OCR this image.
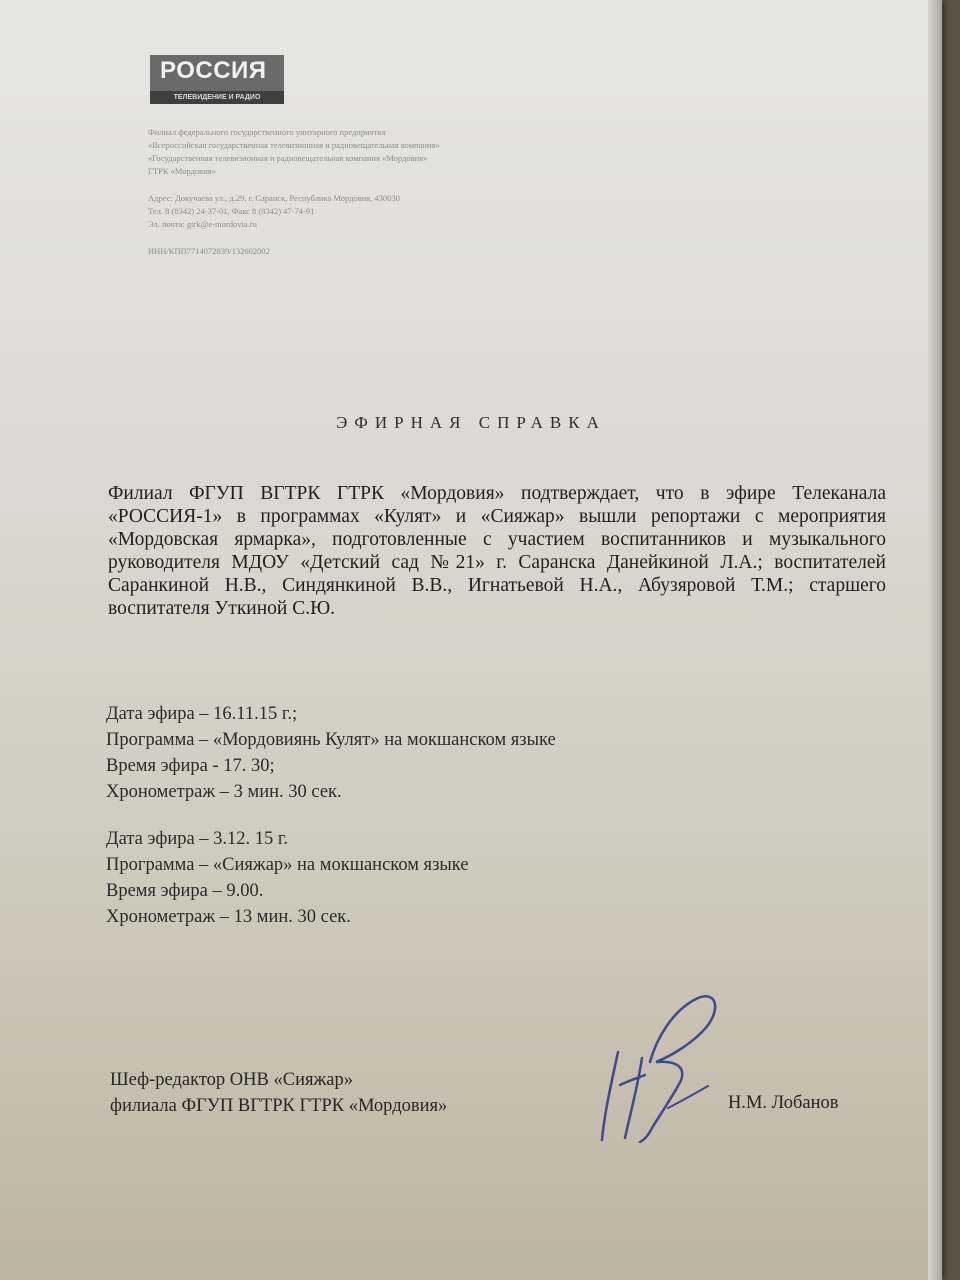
РОССИЯ
ТЕЛЕВИДЕНИЕ И РАДИО
Филиал федерального государственного унитарного предприятия
«Всероссийская государственная телевизионная и радиовещательная компания»
«Государственная телевизионная и радиовещательная компания «Мордовия»
ГТРК «Мордовия»
Адрес: Докучаева ул., д.29, г. Саранск, Республика Мордовия, 430030
Тел. 8 (8342) 24-37-01, Факс 8 (8342) 47-74-91
Эл. почта: gtrk@e-mordovia.ru
ИНН/КПП7714072839/132602002
ЭФИРНАЯ СПРАВКА
Филиал ФГУП ВГТРК ГТРК «Мордовия» подтверждает, что в эфире Телеканала «РОССИЯ-1» в программах «Кулят» и «Сияжар» вышли репортажи с мероприятия «Мордовская ярмарка», подготовленные с участием воспитанников и музыкального руководителя МДОУ «Детский сад №21» г. Саранска Данейкиной Л.А.; воспитателей Саранкиной Н.В., Синдянкиной В.В., Игнатьевой Н.А., Абузяровой Т.М.; старшего воспитателя Уткиной С.Ю.
Дата эфира – 16.11.15 г.;
Программа – «Мордовиянь Кулят» на мокшанском языке
Время эфира - 17. 30;
Хронометраж – 3 мин. 30 сек.
Дата эфира – 3.12. 15 г.
Программа – «Сияжар» на мокшанском языке
Время эфира – 9.00.
Хронометраж – 13 мин. 30 сек.
Шеф-редактор ОНВ «Сияжар»
филиала ФГУП ВГТРК ГТРК «Мордовия»	Н.М. Лобанов
